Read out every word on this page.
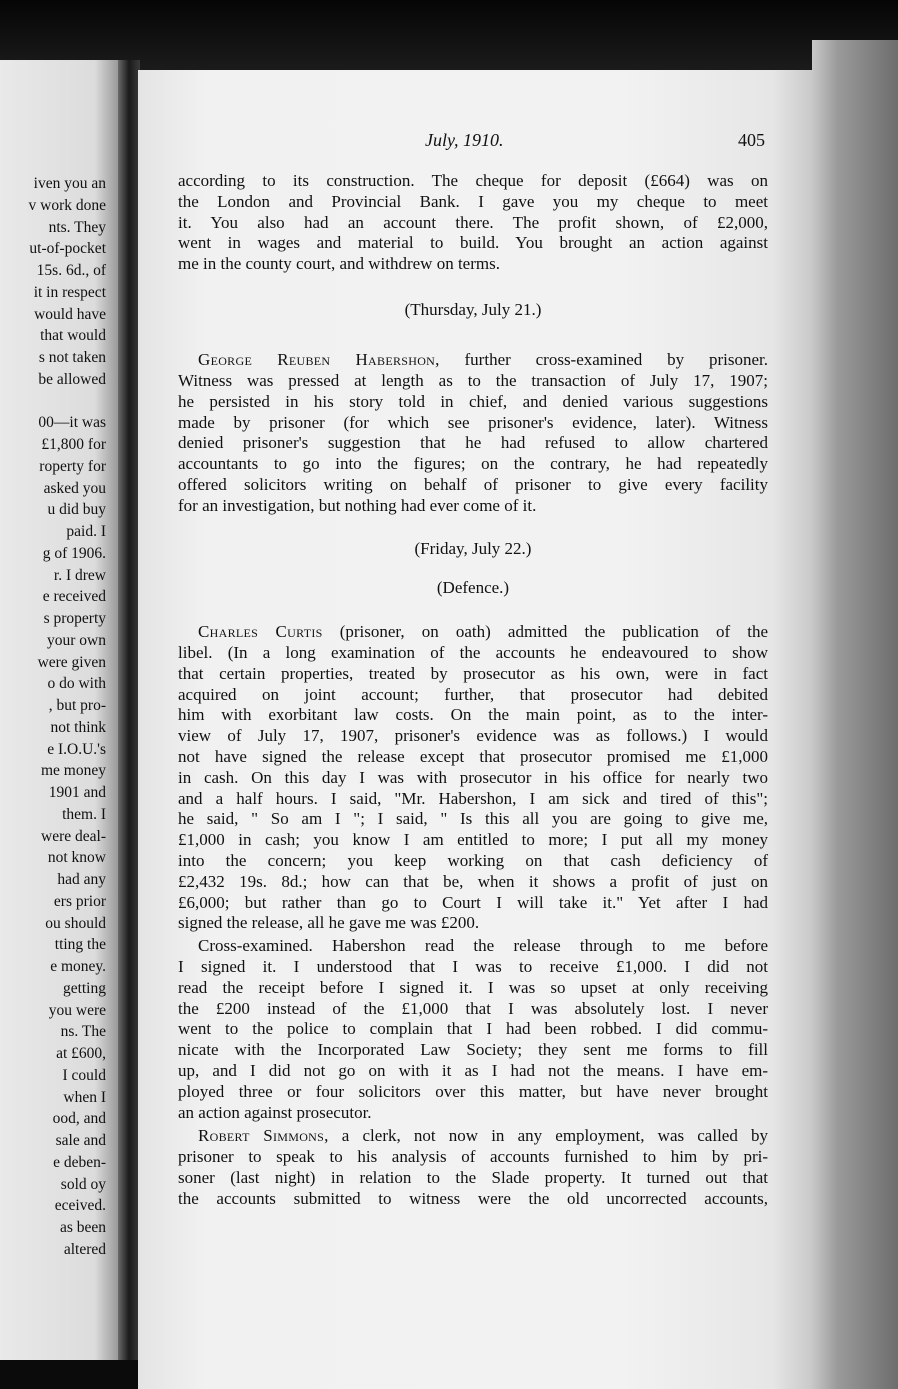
iven you an
v work done
nts. They
ut-of-pocket
15s. 6d., of
it in respect
would have
that would
s not taken
be allowed
00—it was
£1,800 for
roperty for
asked you
u did buy
paid. I
g of 1906.
r. I drew
e received
s property
your own
were given
o do with
, but pro-
not think
e I.O.U.'s
me money
1901 and
them. I
were deal-
not know
had any
ers prior
ou should
tting the
e money.
getting
you were
ns. The
at £600,
I could
when I
ood, and
sale and
e deben-
sold oy
eceived.
as been
altered
July, 1910.	405
according to its construction. The cheque for deposit (£664) was on
the London and Provincial Bank. I gave you my cheque to meet
it. You also had an account there. The profit shown, of £2,000,
went in wages and material to build. You brought an action against
me in the county court, and withdrew on terms.
(Thursday, July 21.)
George Reuben Habershon, further cross-examined by prisoner.
Witness was pressed at length as to the transaction of July 17, 1907;
he persisted in his story told in chief, and denied various suggestions
made by prisoner (for which see prisoner's evidence, later). Witness
denied prisoner's suggestion that he had refused to allow chartered
accountants to go into the figures; on the contrary, he had repeatedly
offered solicitors writing on behalf of prisoner to give every facility
for an investigation, but nothing had ever come of it.
(Friday, July 22.)
(Defence.)
Charles Curtis (prisoner, on oath) admitted the publication of the
libel. (In a long examination of the accounts he endeavoured to show
that certain properties, treated by prosecutor as his own, were in fact
acquired on joint account; further, that prosecutor had debited
him with exorbitant law costs. On the main point, as to the inter-
view of July 17, 1907, prisoner's evidence was as follows.) I would
not have signed the release except that prosecutor promised me £1,000
in cash. On this day I was with prosecutor in his office for nearly two
and a half hours. I said, "Mr. Habershon, I am sick and tired of this";
he said, " So am I "; I said, " Is this all you are going to give me,
£1,000 in cash; you know I am entitled to more; I put all my money
into the concern; you keep working on that cash deficiency of
£2,432 19s. 8d.; how can that be, when it shows a profit of just on
£6,000; but rather than go to Court I will take it." Yet after I had
signed the release, all he gave me was £200.
Cross-examined. Habershon read the release through to me before
I signed it. I understood that I was to receive £1,000. I did not
read the receipt before I signed it. I was so upset at only receiving
the £200 instead of the £1,000 that I was absolutely lost. I never
went to the police to complain that I had been robbed. I did commu-
nicate with the Incorporated Law Society; they sent me forms to fill
up, and I did not go on with it as I had not the means. I have em-
ployed three or four solicitors over this matter, but have never brought
an action against prosecutor.
Robert Simmons, a clerk, not now in any employment, was called by
prisoner to speak to his analysis of accounts furnished to him by pri-
soner (last night) in relation to the Slade property. It turned out that
the accounts submitted to witness were the old uncorrected accounts,
